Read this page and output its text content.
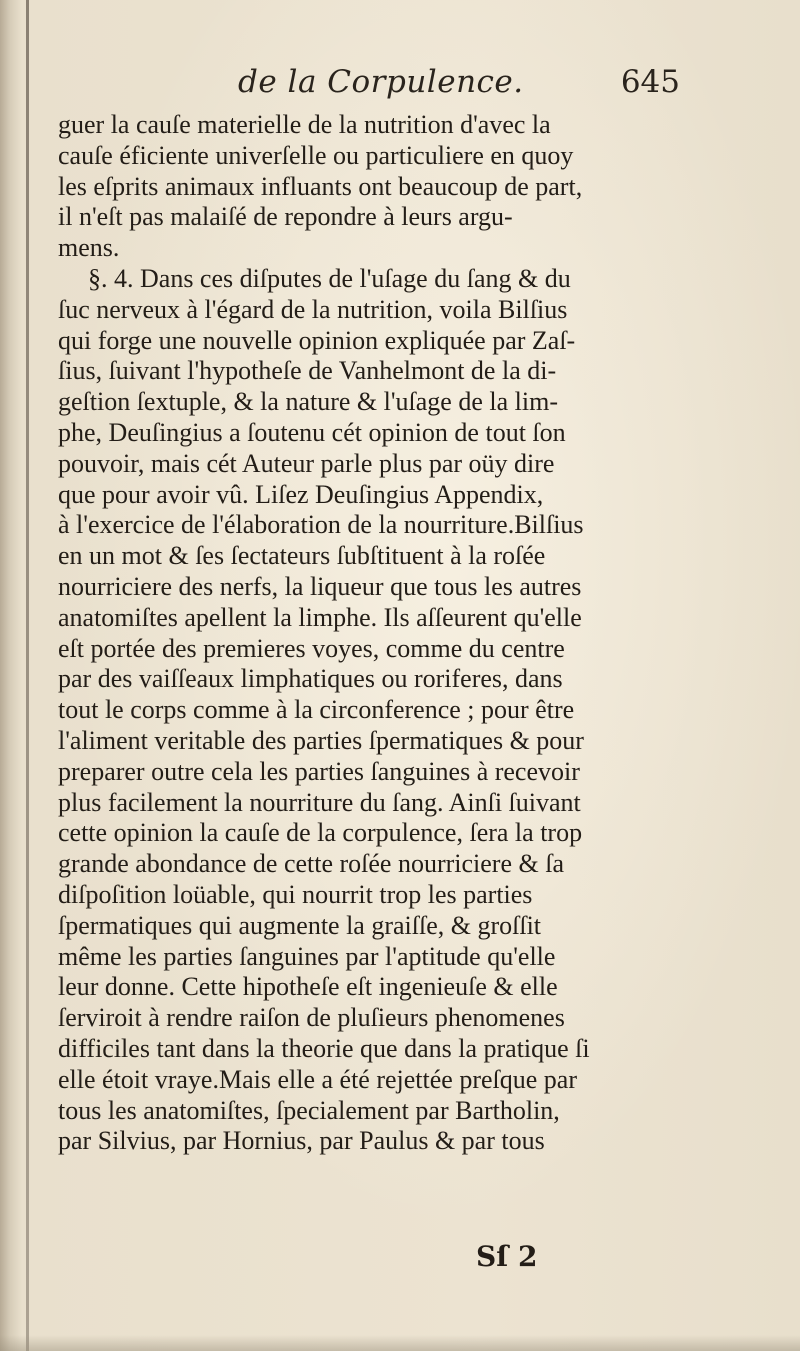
de la Corpulence.	645
guer la cauſe materielle de la nutrition d'avec la
cauſe éficiente univerſelle ou particuliere en quoy
les eſprits animaux influants ont beaucoup de part,
il n'eſt pas malaiſé de repondre à leurs argu-
mens.
§. 4. Dans ces diſputes de l'uſage du ſang & du
ſuc nerveux à l'égard de la nutrition, voila Bilſius
qui forge une nouvelle opinion expliquée par Zaſ-
ſius, ſuivant l'hypotheſe de Vanhelmont de la di-
geſtion ſextuple, & la nature & l'uſage de la lim-
phe, Deuſingius a ſoutenu cét opinion de tout ſon
pouvoir, mais cét Auteur parle plus par oüy dire
que pour avoir vû. Liſez Deuſingius Appendix,
à l'exercice de l'élaboration de la nourriture.Bilſius
en un mot & ſes ſectateurs ſubſtituent à la roſée
nourriciere des nerfs, la liqueur que tous les autres
anatomiſtes apellent la limphe. Ils aſſeurent qu'elle
eſt portée des premieres voyes, comme du centre
par des vaiſſeaux limphatiques ou roriferes, dans
tout le corps comme à la circonference ; pour être
l'aliment veritable des parties ſpermatiques & pour
preparer outre cela les parties ſanguines à recevoir
plus facilement la nourriture du ſang. Ainſi ſuivant
cette opinion la cauſe de la corpulence, ſera la trop
grande abondance de cette roſée nourriciere & ſa
diſpoſition loüable, qui nourrit trop les parties
ſpermatiques qui augmente la graiſſe, & groſſit
même les parties ſanguines par l'aptitude qu'elle
leur donne. Cette hipotheſe eſt ingenieuſe & elle
ſerviroit à rendre raiſon de pluſieurs phenomenes
difficiles tant dans la theorie que dans la pratique ſi
elle étoit vraye.Mais elle a été rejettée preſque par
tous les anatomiſtes, ſpecialement par Bartholin,
par Silvius, par Hornius, par Paulus & par tous
Sſ 2
